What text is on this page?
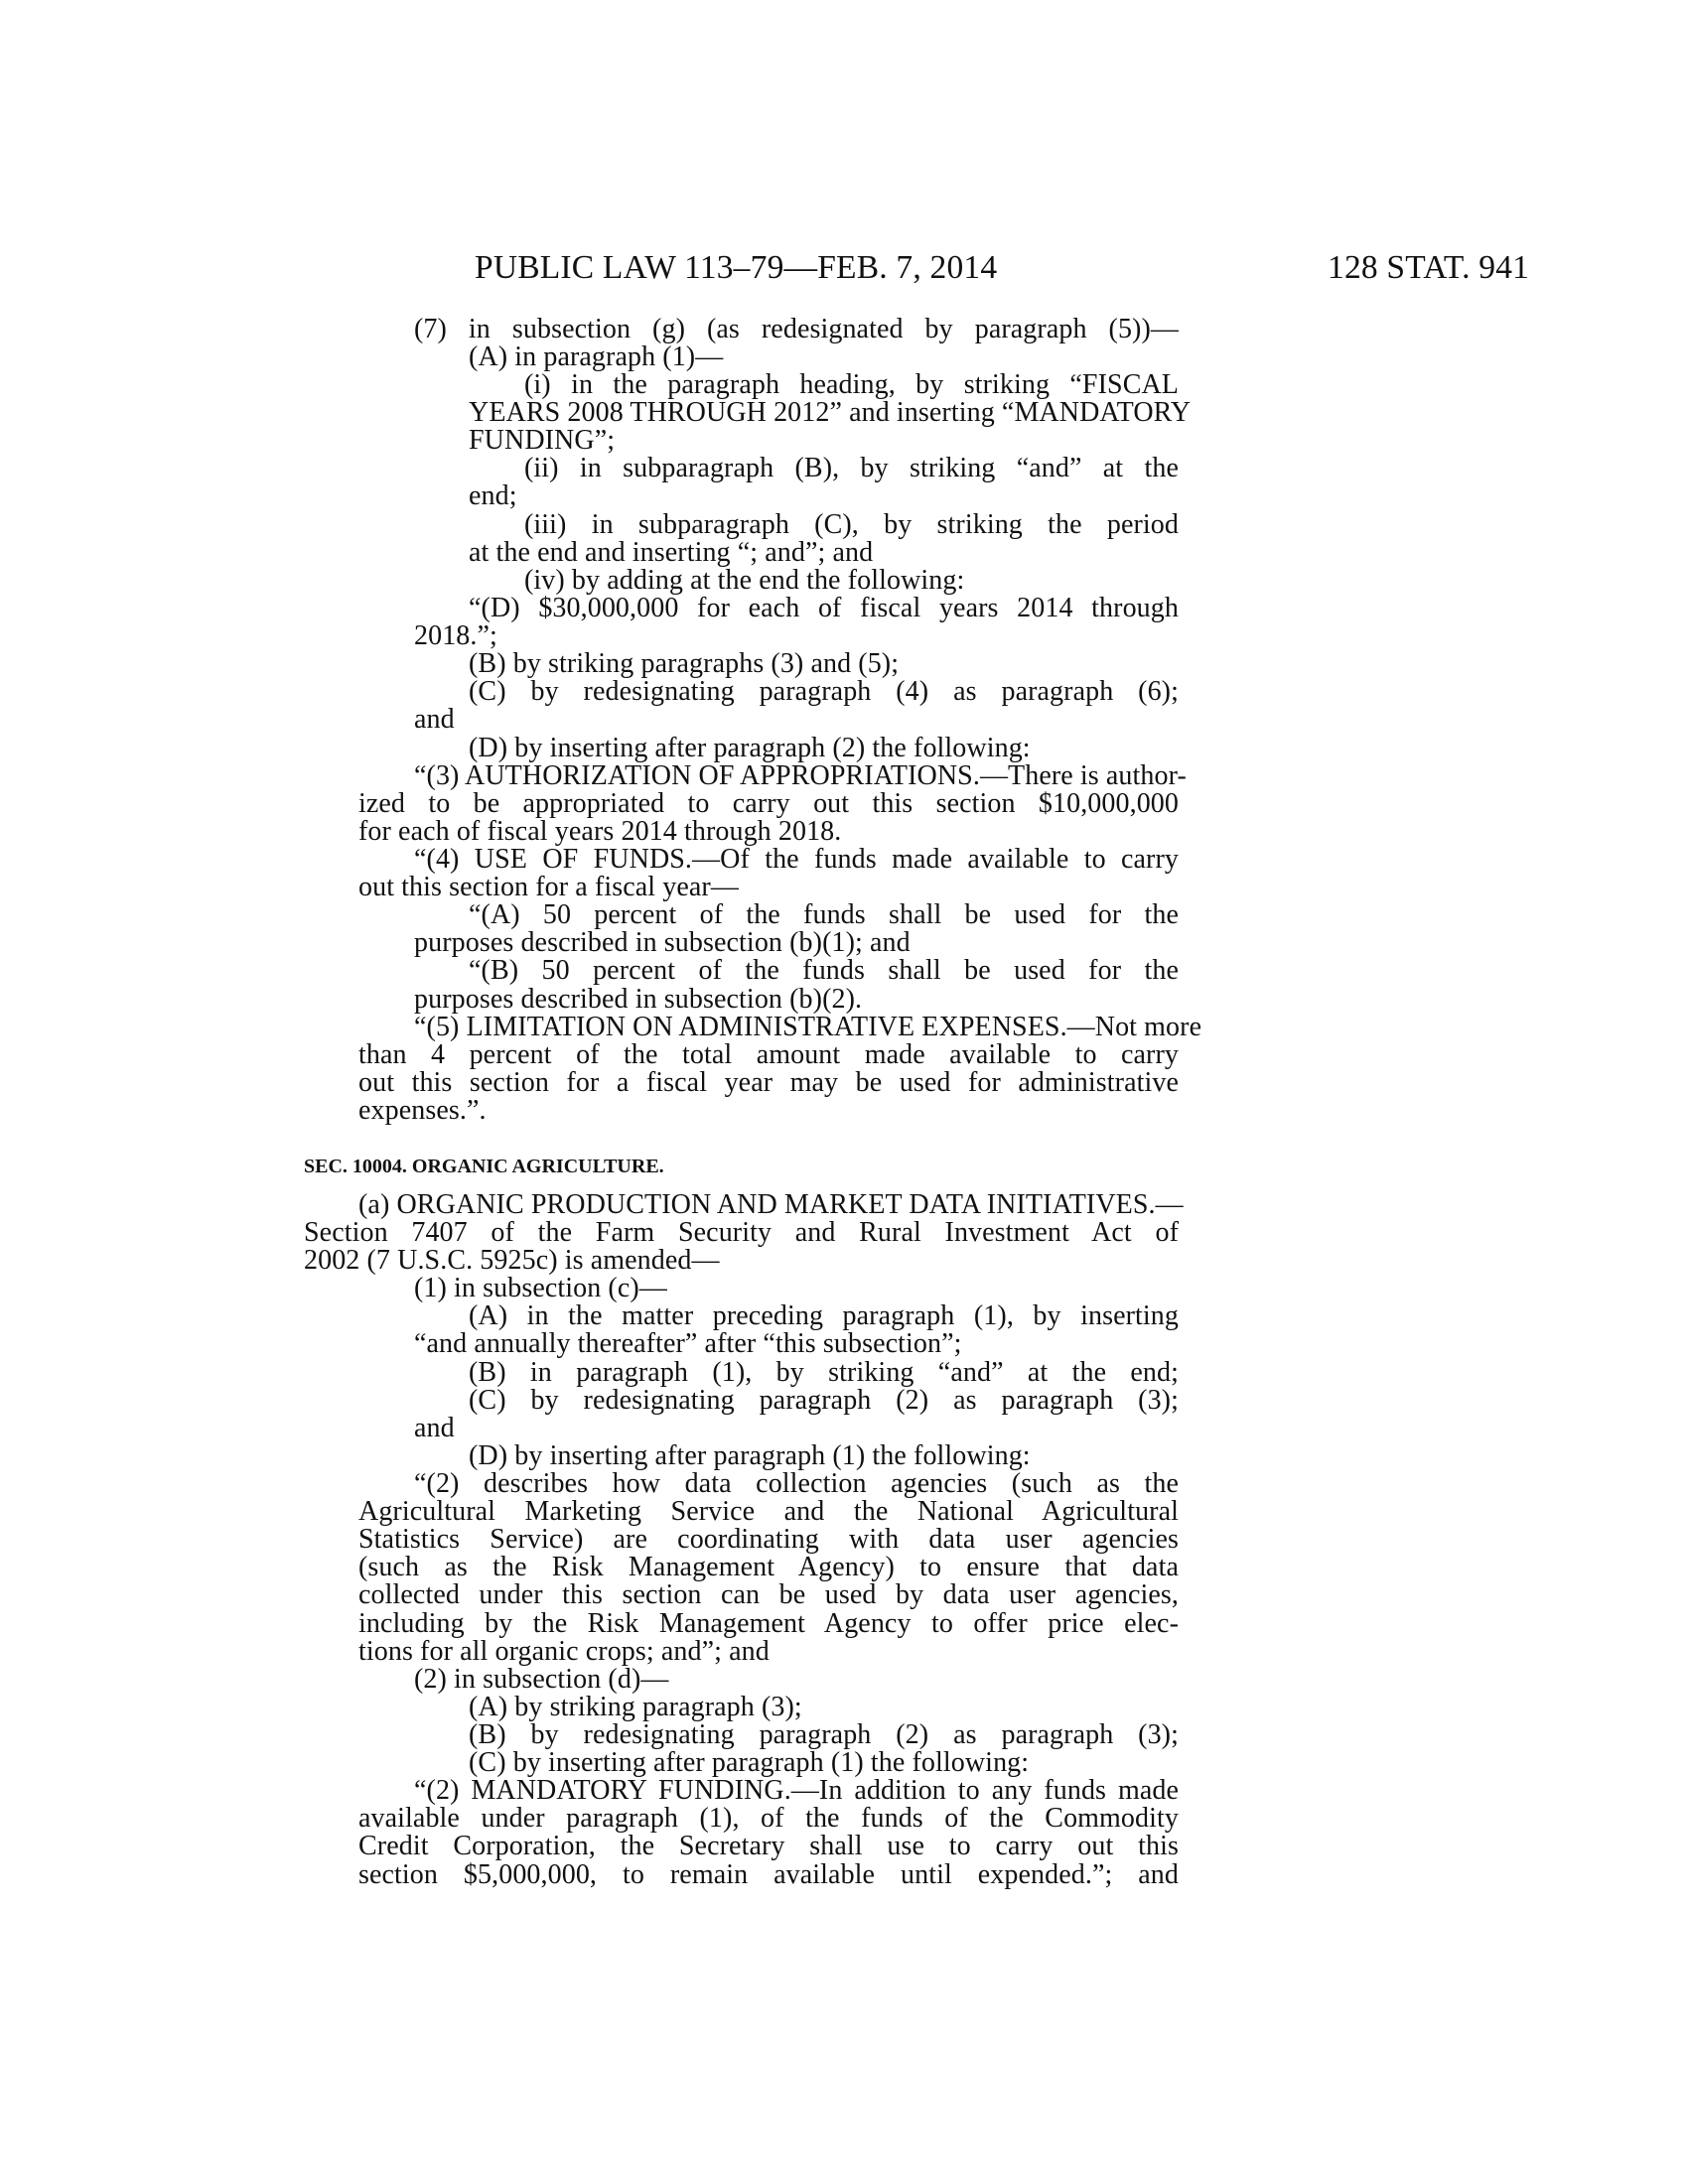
PUBLIC LAW 113–79—FEB. 7, 2014	128 STAT. 941
(7) in subsection (g) (as redesignated by paragraph (5))—
(A) in paragraph (1)—
(i) in the paragraph heading, by striking “FISCAL
YEARS 2008 THROUGH 2012” and inserting “MANDATORY
FUNDING”;
(ii) in subparagraph (B), by striking “and” at the
end;
(iii) in subparagraph (C), by striking the period
at the end and inserting “; and”; and
(iv) by adding at the end the following:
“(D) $30,000,000 for each of fiscal years 2014 through
2018.”;
(B) by striking paragraphs (3) and (5);
(C) by redesignating paragraph (4) as paragraph (6);
and
(D) by inserting after paragraph (2) the following:
“(3) AUTHORIZATION OF APPROPRIATIONS.—There is author-
ized to be appropriated to carry out this section $10,000,000
for each of fiscal years 2014 through 2018.
“(4) USE OF FUNDS.—Of the funds made available to carry
out this section for a fiscal year—
“(A) 50 percent of the funds shall be used for the
purposes described in subsection (b)(1); and
“(B) 50 percent of the funds shall be used for the
purposes described in subsection (b)(2).
“(5) LIMITATION ON ADMINISTRATIVE EXPENSES.—Not more
than 4 percent of the total amount made available to carry
out this section for a fiscal year may be used for administrative
expenses.”.
SEC. 10004. ORGANIC AGRICULTURE.
(a) ORGANIC PRODUCTION AND MARKET DATA INITIATIVES.—
Section 7407 of the Farm Security and Rural Investment Act of
2002 (7 U.S.C. 5925c) is amended—
(1) in subsection (c)—
(A) in the matter preceding paragraph (1), by inserting
“and annually thereafter” after “this subsection”;
(B) in paragraph (1), by striking “and” at the end;
(C) by redesignating paragraph (2) as paragraph (3);
and
(D) by inserting after paragraph (1) the following:
“(2) describes how data collection agencies (such as the
Agricultural Marketing Service and the National Agricultural
Statistics Service) are coordinating with data user agencies
(such as the Risk Management Agency) to ensure that data
collected under this section can be used by data user agencies,
including by the Risk Management Agency to offer price elec-
tions for all organic crops; and”; and
(2) in subsection (d)—
(A) by striking paragraph (3);
(B) by redesignating paragraph (2) as paragraph (3);
(C) by inserting after paragraph (1) the following:
“(2) MANDATORY FUNDING.—In addition to any funds made
available under paragraph (1), of the funds of the Commodity
Credit Corporation, the Secretary shall use to carry out this
section $5,000,000, to remain available until expended.”; and
